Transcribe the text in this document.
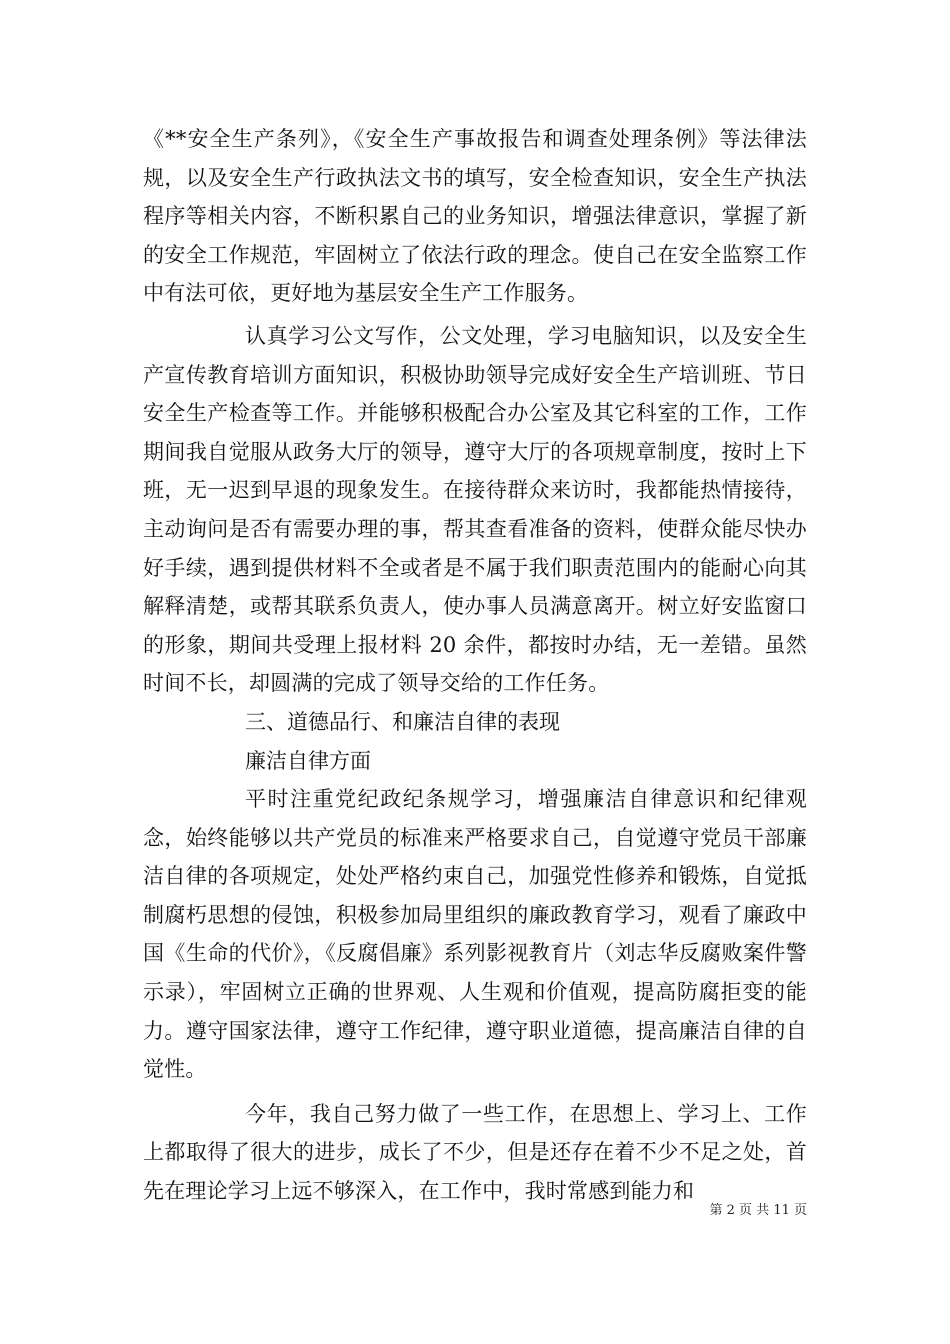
《**安全生产条列》，《安全生产事故报告和调查处理条例》等法律法规，以及安全生产行政执法文书的填写，安全检查知识，安全生产执法程序等相关内容，不断积累自己的业务知识，增强法律意识，掌握了新的安全工作规范，牢固树立了依法行政的理念。使自己在安全监察工作中有法可依，更好地为基层安全生产工作服务。

认真学习公文写作，公文处理，学习电脑知识，以及安全生产宣传教育培训方面知识，积极协助领导完成好安全生产培训班、节日安全生产检查等工作。并能够积极配合办公室及其它科室的工作，工作期间我自觉服从政务大厅的领导，遵守大厅的各项规章制度，按时上下班，无一迟到早退的现象发生。在接待群众来访时，我都能热情接待，主动询问是否有需要办理的事，帮其查看准备的资料，使群众能尽快办好手续，遇到提供材料不全或者是不属于我们职责范围内的能耐心向其解释清楚，或帮其联系负责人，使办事人员满意离开。树立好安监窗口的形象，期间共受理上报材料 20 余件，都按时办结，无一差错。虽然时间不长，却圆满的完成了领导交给的工作任务。

三、道德品行、和廉洁自律的表现

廉洁自律方面

平时注重党纪政纪条规学习，增强廉洁自律意识和纪律观念，始终能够以共产党员的标准来严格要求自己，自觉遵守党员干部廉洁自律的各项规定，处处严格约束自己，加强党性修养和锻炼，自觉抵制腐朽思想的侵蚀，积极参加局里组织的廉政教育学习，观看了廉政中国《生命的代价》，《反腐倡廉》系列影视教育片（刘志华反腐败案件警示录），牢固树立正确的世界观、人生观和价值观，提高防腐拒变的能力。遵守国家法律，遵守工作纪律，遵守职业道德，提高廉洁自律的自觉性。

今年，我自己努力做了一些工作，在思想上、学习上、工作上都取得了很大的进步，成长了不少，但是还存在着不少不足之处，首先在理论学习上远不够深入，在工作中，我时常感到能力和

第 2 页 共 11 页
